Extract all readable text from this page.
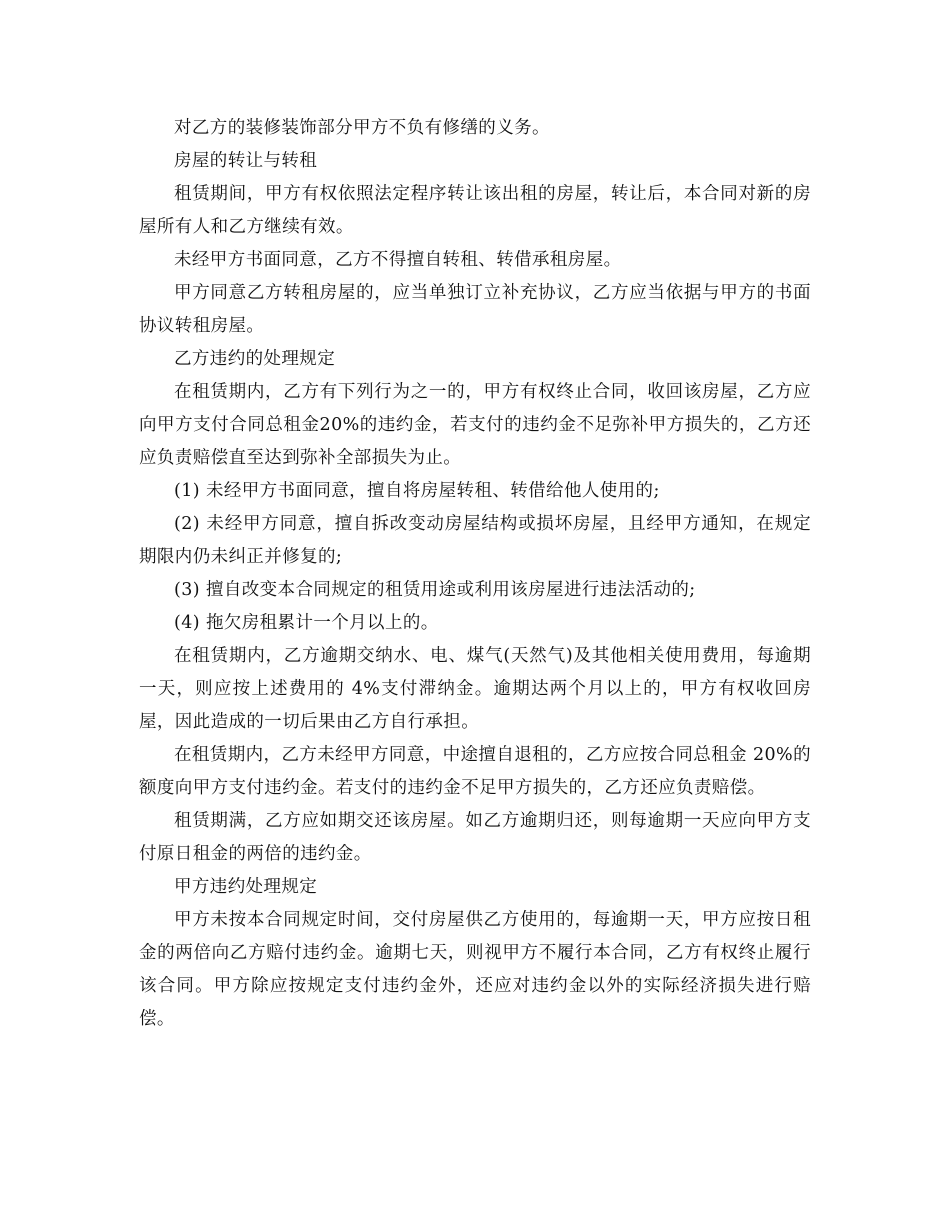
对乙方的装修装饰部分甲方不负有修缮的义务。

房屋的转让与转租

租赁期间，甲方有权依照法定程序转让该出租的房屋，转让后，本合同对新的房屋所有人和乙方继续有效。

未经甲方书面同意，乙方不得擅自转租、转借承租房屋。

甲方同意乙方转租房屋的，应当单独订立补充协议，乙方应当依据与甲方的书面协议转租房屋。

乙方违约的处理规定

在租赁期内，乙方有下列行为之一的，甲方有权终止合同，收回该房屋，乙方应向甲方支付合同总租金20%的违约金，若支付的违约金不足弥补甲方损失的，乙方还应负责赔偿直至达到弥补全部损失为止。

(1) 未经甲方书面同意，擅自将房屋转租、转借给他人使用的;

(2) 未经甲方同意，擅自拆改变动房屋结构或损坏房屋，且经甲方通知，在规定期限内仍未纠正并修复的;

(3) 擅自改变本合同规定的租赁用途或利用该房屋进行违法活动的;

(4) 拖欠房租累计一个月以上的。

在租赁期内，乙方逾期交纳水、电、煤气(天然气)及其他相关使用费用，每逾期一天，则应按上述费用的 4%支付滞纳金。逾期达两个月以上的，甲方有权收回房屋，因此造成的一切后果由乙方自行承担。

在租赁期内，乙方未经甲方同意，中途擅自退租的，乙方应按合同总租金 20%的额度向甲方支付违约金。若支付的违约金不足甲方损失的，乙方还应负责赔偿。

租赁期满，乙方应如期交还该房屋。如乙方逾期归还，则每逾期一天应向甲方支付原日租金的两倍的违约金。

甲方违约处理规定

甲方未按本合同规定时间，交付房屋供乙方使用的，每逾期一天，甲方应按日租金的两倍向乙方赔付违约金。逾期七天，则视甲方不履行本合同，乙方有权终止履行该合同。甲方除应按规定支付违约金外，还应对违约金以外的实际经济损失进行赔偿。
